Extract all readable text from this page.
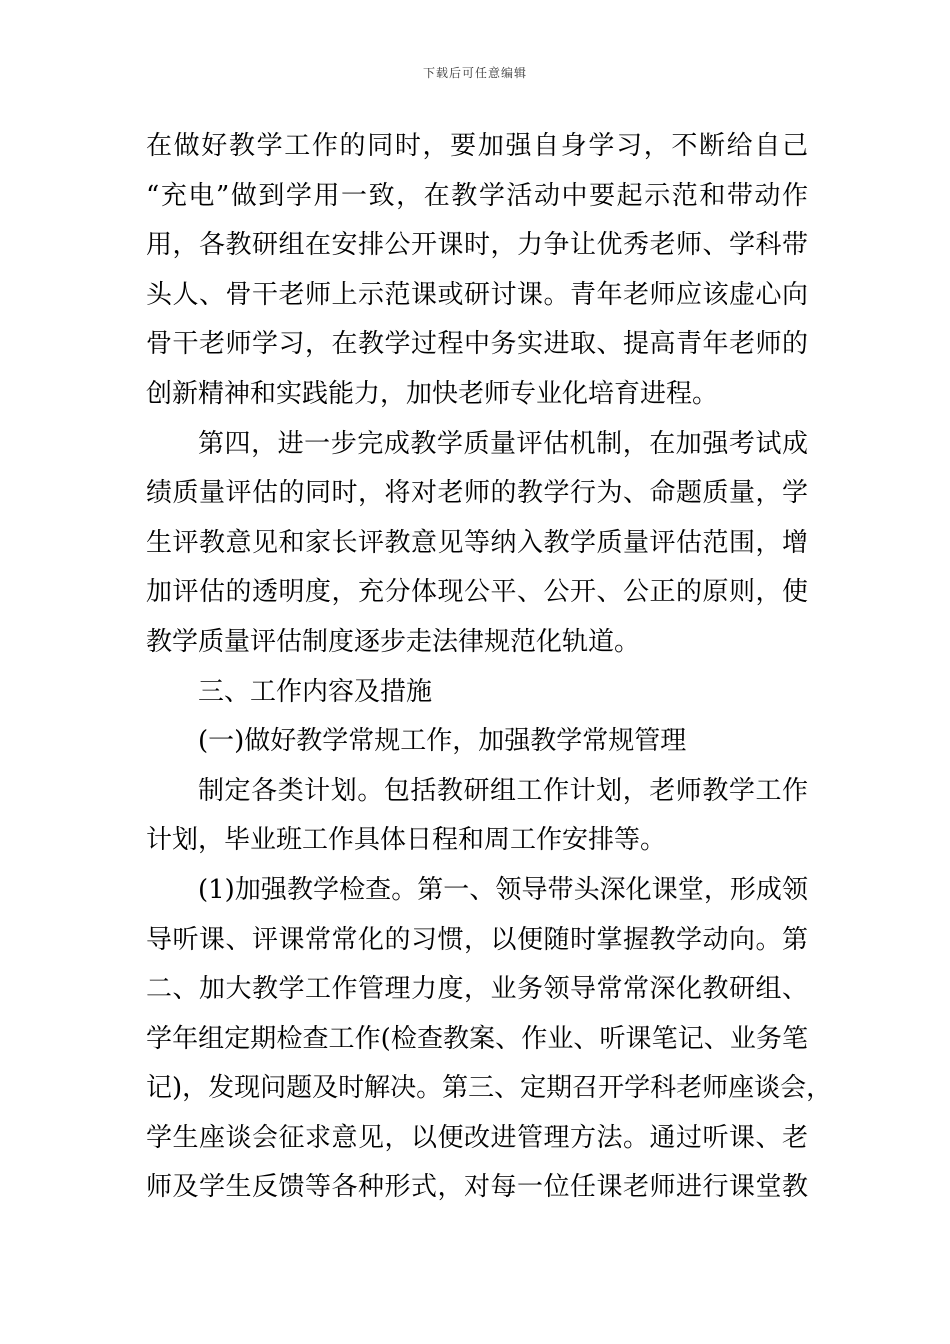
下载后可任意编辑
在做好教学工作的同时，要加强自身学习，不断给自己
“充电”做到学用一致，在教学活动中要起示范和带动作
用，各教研组在安排公开课时，力争让优秀老师、学科带
头人、骨干老师上示范课或研讨课。青年老师应该虚心向
骨干老师学习，在教学过程中务实进取、提高青年老师的
创新精神和实践能力，加快老师专业化培育进程。
第四，进一步完成教学质量评估机制，在加强考试成
绩质量评估的同时，将对老师的教学行为、命题质量，学
生评教意见和家长评教意见等纳入教学质量评估范围，增
加评估的透明度，充分体现公平、公开、公正的原则，使
教学质量评估制度逐步走法律规范化轨道。
三、工作内容及措施
(一)做好教学常规工作，加强教学常规管理
制定各类计划。包括教研组工作计划，老师教学工作
计划，毕业班工作具体日程和周工作安排等。
(1)加强教学检查。第一、领导带头深化课堂，形成领
导听课、评课常常化的习惯，以便随时掌握教学动向。第
二、加大教学工作管理力度，业务领导常常深化教研组、
学年组定期检查工作(检查教案、作业、听课笔记、业务笔
记)，发现问题及时解决。第三、定期召开学科老师座谈会，
学生座谈会征求意见，以便改进管理方法。通过听课、老
师及学生反馈等各种形式，对每一位任课老师进行课堂教
